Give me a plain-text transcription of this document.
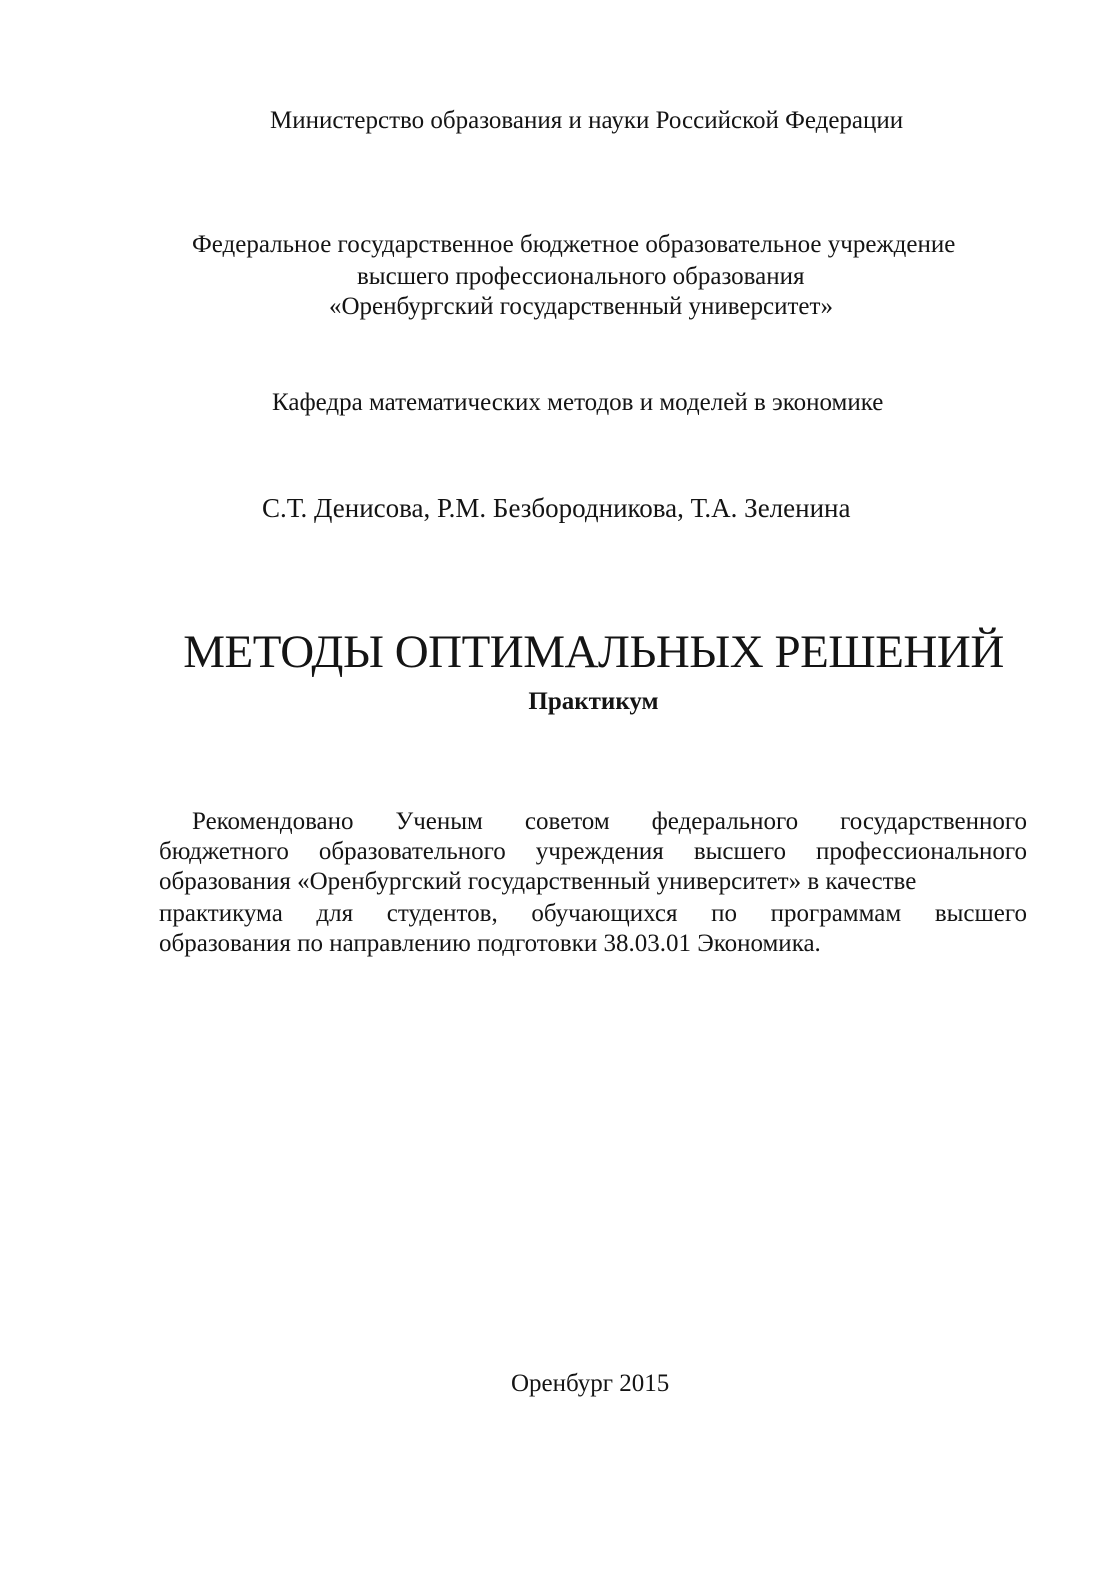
Министерство образования и науки Российской Федерации
Федеральное государственное бюджетное образовательное учреждение
высшего профессионального образования
«Оренбургский государственный университет»
Кафедра математических методов и моделей в экономике
С.Т. Денисова, Р.М. Безбородникова, Т.А. Зеленина
МЕТОДЫ ОПТИМАЛЬНЫХ РЕШЕНИЙ
Практикум
Рекомендовано Ученым советом федерального государственного
бюджетного образовательного учреждения высшего профессионального
образования «Оренбургский государственный университет» в качестве
практикума для студентов, обучающихся по программам высшего
образования по направлению подготовки 38.03.01 Экономика.
Оренбург 2015
